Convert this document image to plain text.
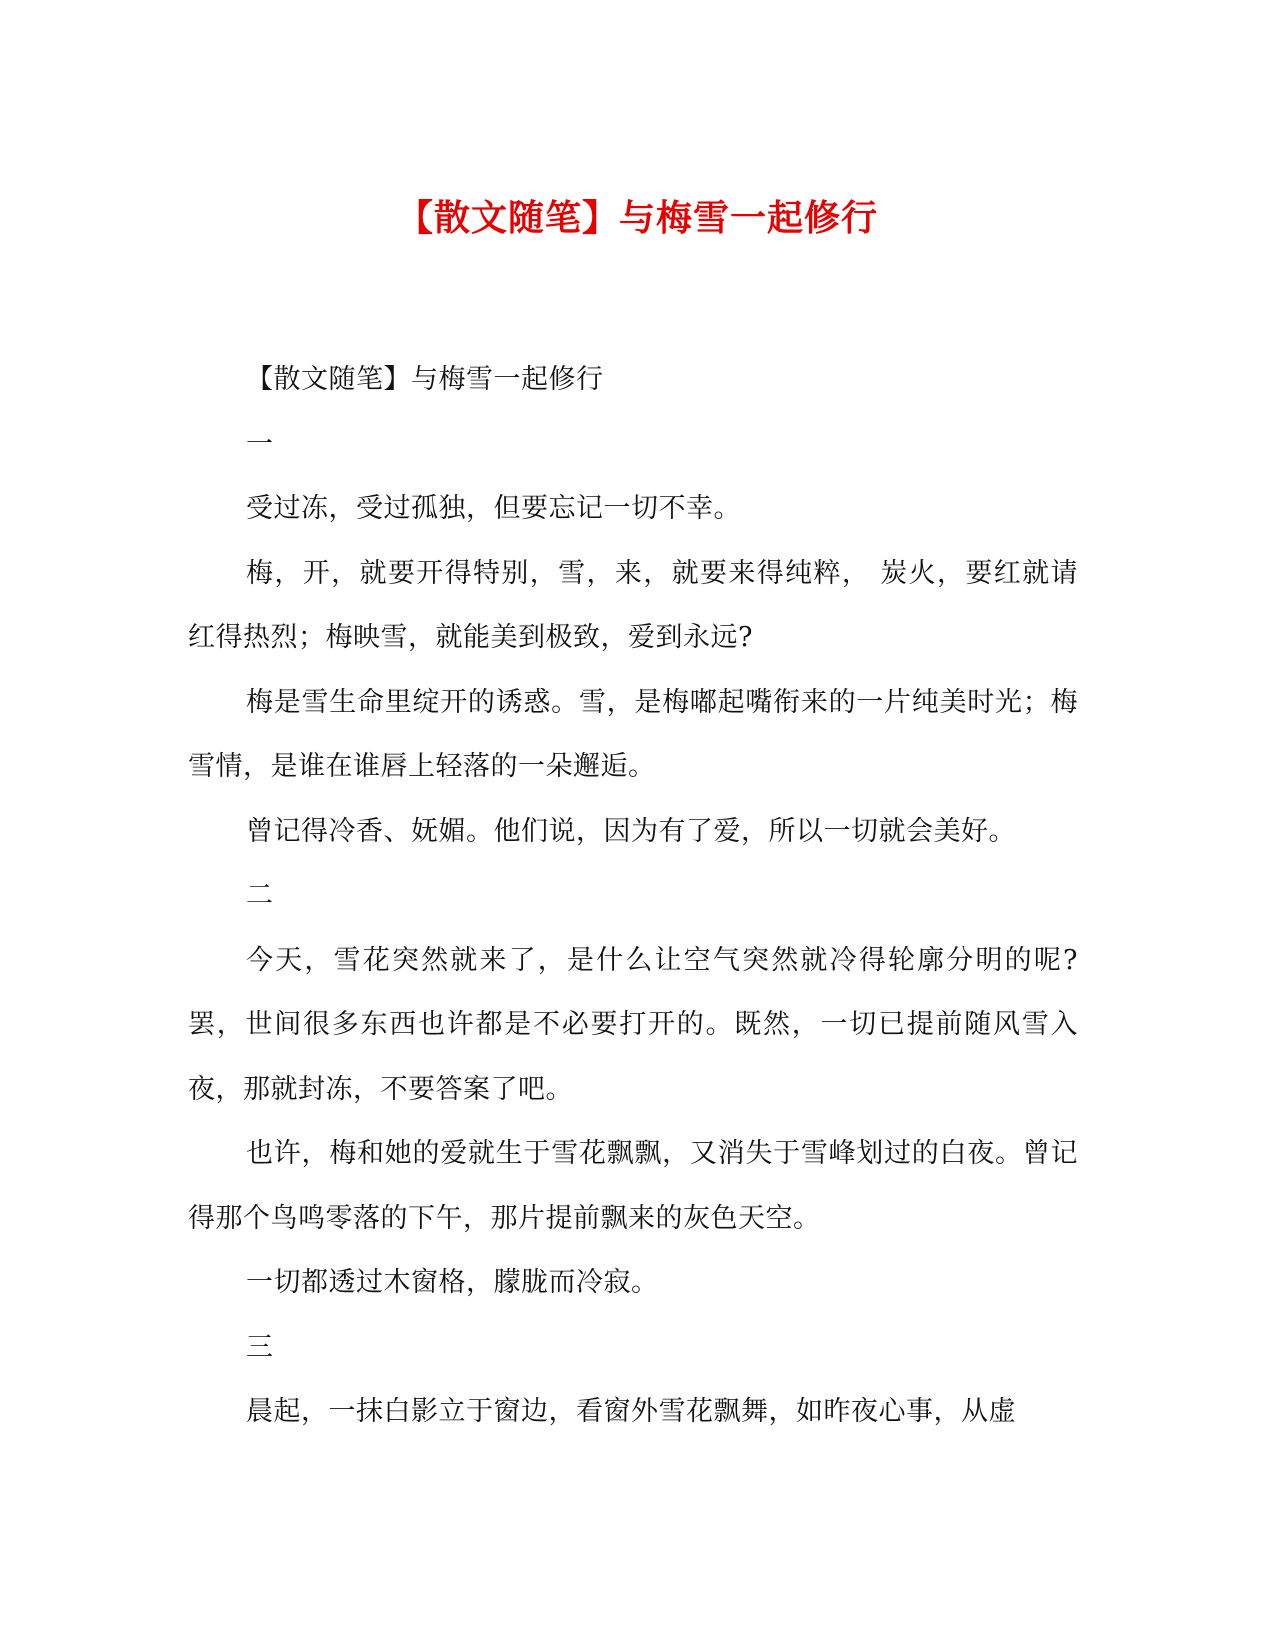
【散文随笔】与梅雪一起修行

【散文随笔】与梅雪一起修行

一

受过冻，受过孤独，但要忘记一切不幸。

梅，开，就要开得特别，雪，来，就要来得纯粹， 炭火，要红就请红得热烈；梅映雪，就能美到极致，爱到永远?

梅是雪生命里绽开的诱惑。雪，是梅嘟起嘴衔来的一片纯美时光；梅雪情，是谁在谁唇上轻落的一朵邂逅。

曾记得冷香、妩媚。他们说，因为有了爱，所以一切就会美好。

二

今天，雪花突然就来了，是什么让空气突然就冷得轮廓分明的呢?罢，世间很多东西也许都是不必要打开的。既然，一切已提前随风雪入夜，那就封冻，不要答案了吧。

也许，梅和她的爱就生于雪花飘飘，又消失于雪峰划过的白夜。曾记得那个鸟鸣零落的下午，那片提前飘来的灰色天空。

一切都透过木窗格，朦胧而冷寂。

三

晨起，一抹白影立于窗边，看窗外雪花飘舞，如昨夜心事，从虚
